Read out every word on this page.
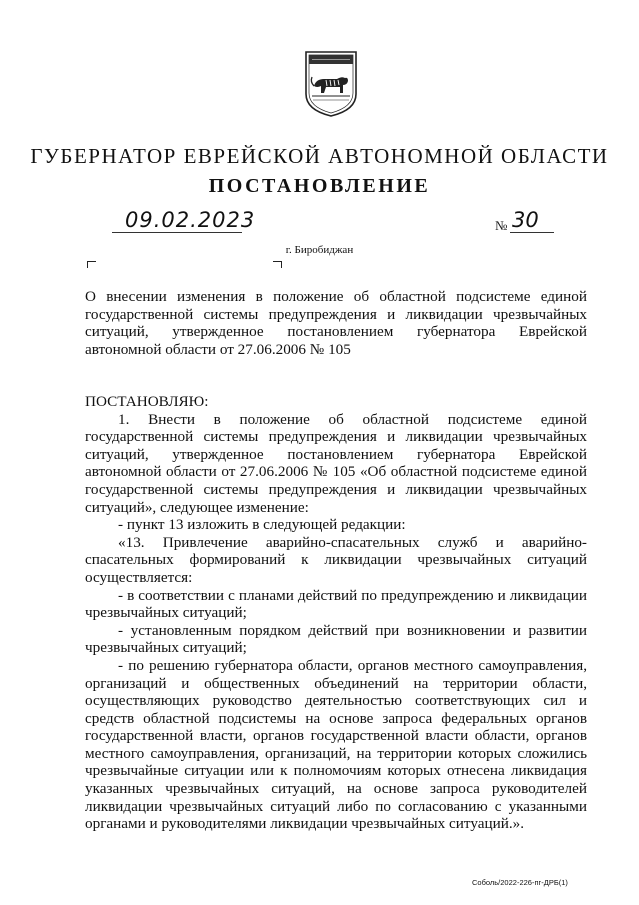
ГУБЕРНАТОР ЕВРЕЙСКОЙ АВТОНОМНОЙ ОБЛАСТИ
ПОСТАНОВЛЕНИЕ
09.02.2023	№ 30
г. Биробиджан

О внесении изменения в положение об областной подсистеме единой государственной системы предупреждения и ликвидации чрезвычайных ситуаций, утвержденное постановлением губернатора Еврейской автономной области от 27.06.2006 № 105

ПОСТАНОВЛЯЮ:

1. Внести в положение об областной подсистеме единой государственной системы предупреждения и ликвидации чрезвычайных ситуаций, утвержденное постановлением губернатора Еврейской автономной области от 27.06.2006 № 105 «Об областной подсистеме единой государственной системы предупреждения и ликвидации чрезвычайных ситуаций», следующее изменение:

- пункт 13 изложить в следующей редакции:

«13. Привлечение аварийно-спасательных служб и аварийно-спасательных формирований к ликвидации чрезвычайных ситуаций осуществляется:

- в соответствии с планами действий по предупреждению и ликвидации чрезвычайных ситуаций;

- установленным порядком действий при возникновении и развитии чрезвычайных ситуаций;

- по решению губернатора области, органов местного самоуправления, организаций и общественных объединений на территории области, осуществляющих руководство деятельностью соответствующих сил и средств областной подсистемы на основе запроса федеральных органов государственной власти, органов государственной власти области, органов местного самоуправления, организаций, на территории которых сложились чрезвычайные ситуации или к полномочиям которых отнесена ликвидация указанных чрезвычайных ситуаций, на основе запроса руководителей ликвидации чрезвычайных ситуаций либо по согласованию с указанными органами и руководителями ликвидации чрезвычайных ситуаций.».

Соболь/2022-226-пг-ДРБ(1)
